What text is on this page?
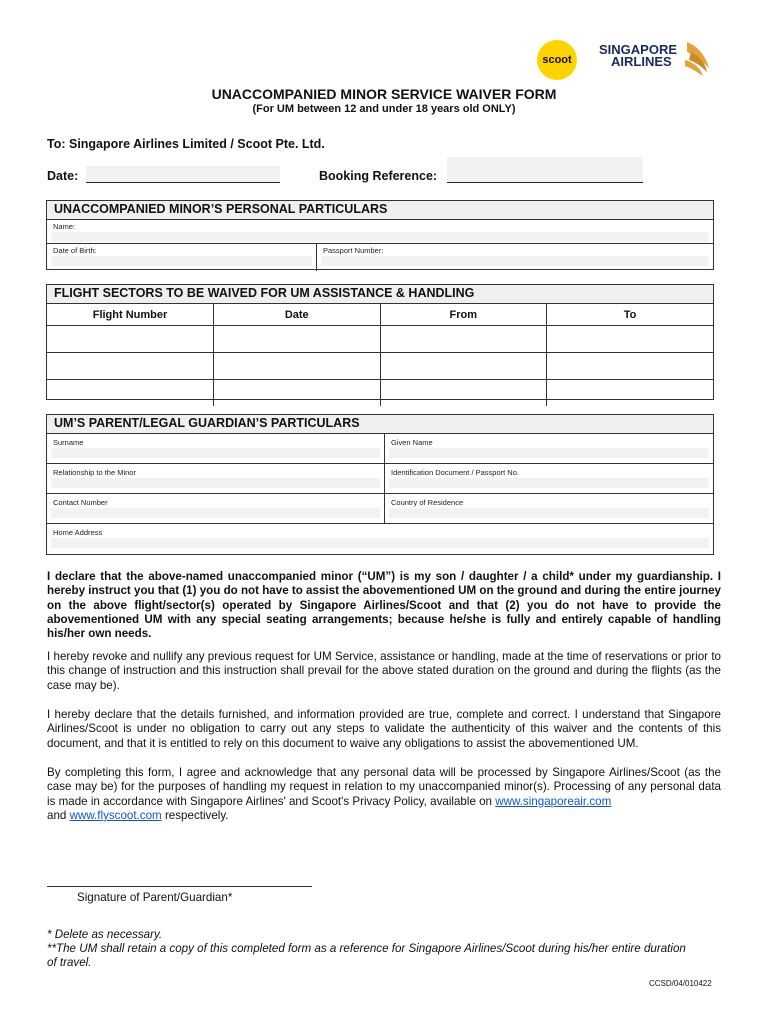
scoot
SINGAPORE
AIRLINES
UNACCOMPANIED MINOR SERVICE WAIVER FORM
(For UM between 12 and under 18 years old ONLY)
To: Singapore Airlines Limited / Scoot Pte. Ltd.
Date:	Booking Reference:
UNACCOMPANIED MINOR’S PERSONAL PARTICULARS
Name:
Date of Birth:	Passport Number:
FLIGHT SECTORS TO BE WAIVED FOR UM ASSISTANCE & HANDLING
Flight Number	Date	From	To

UM’S PARENT/LEGAL GUARDIAN’S PARTICULARS
Surname	Given Name
Relationship to the Minor	Identification Document / Passport No.
Contact Number	Country of Residence
Home Address
I declare that the above-named unaccompanied minor (“UM”) is my son / daughter / a child* under my guardianship. I hereby instruct you that (1) you do not have to assist the abovementioned UM on the ground and during the entire journey on the above flight/sector(s) operated by Singapore Airlines/Scoot and that (2) you do not have to provide the abovementioned UM with any special seating arrangements; because he/she is fully and entirely capable of handling his/her own needs.
I hereby revoke and nullify any previous request for UM Service, assistance or handling, made at the time of reservations or prior to this change of instruction and this instruction shall prevail for the above stated duration on the ground and during the flights (as the case may be).
I hereby declare that the details furnished, and information provided are true, complete and correct. I understand that Singapore Airlines/Scoot is under no obligation to carry out any steps to validate the authenticity of this waiver and the contents of this document, and that it is entitled to rely on this document to waive any obligations to assist the abovementioned UM.
By completing this form, I agree and acknowledge that any personal data will be processed by Singapore Airlines/Scoot (as the case may be) for the purposes of handling my request in relation to my unaccompanied minor(s). Processing of any personal data is made in accordance with Singapore Airlines' and Scoot's Privacy Policy, available on www.singaporeair.com
and www.flyscoot.com respectively.
Signature of Parent/Guardian*
* Delete as necessary.
**The UM shall retain a copy of this completed form as a reference for Singapore Airlines/Scoot during his/her entire duration of travel.
CCSD/04/010422
